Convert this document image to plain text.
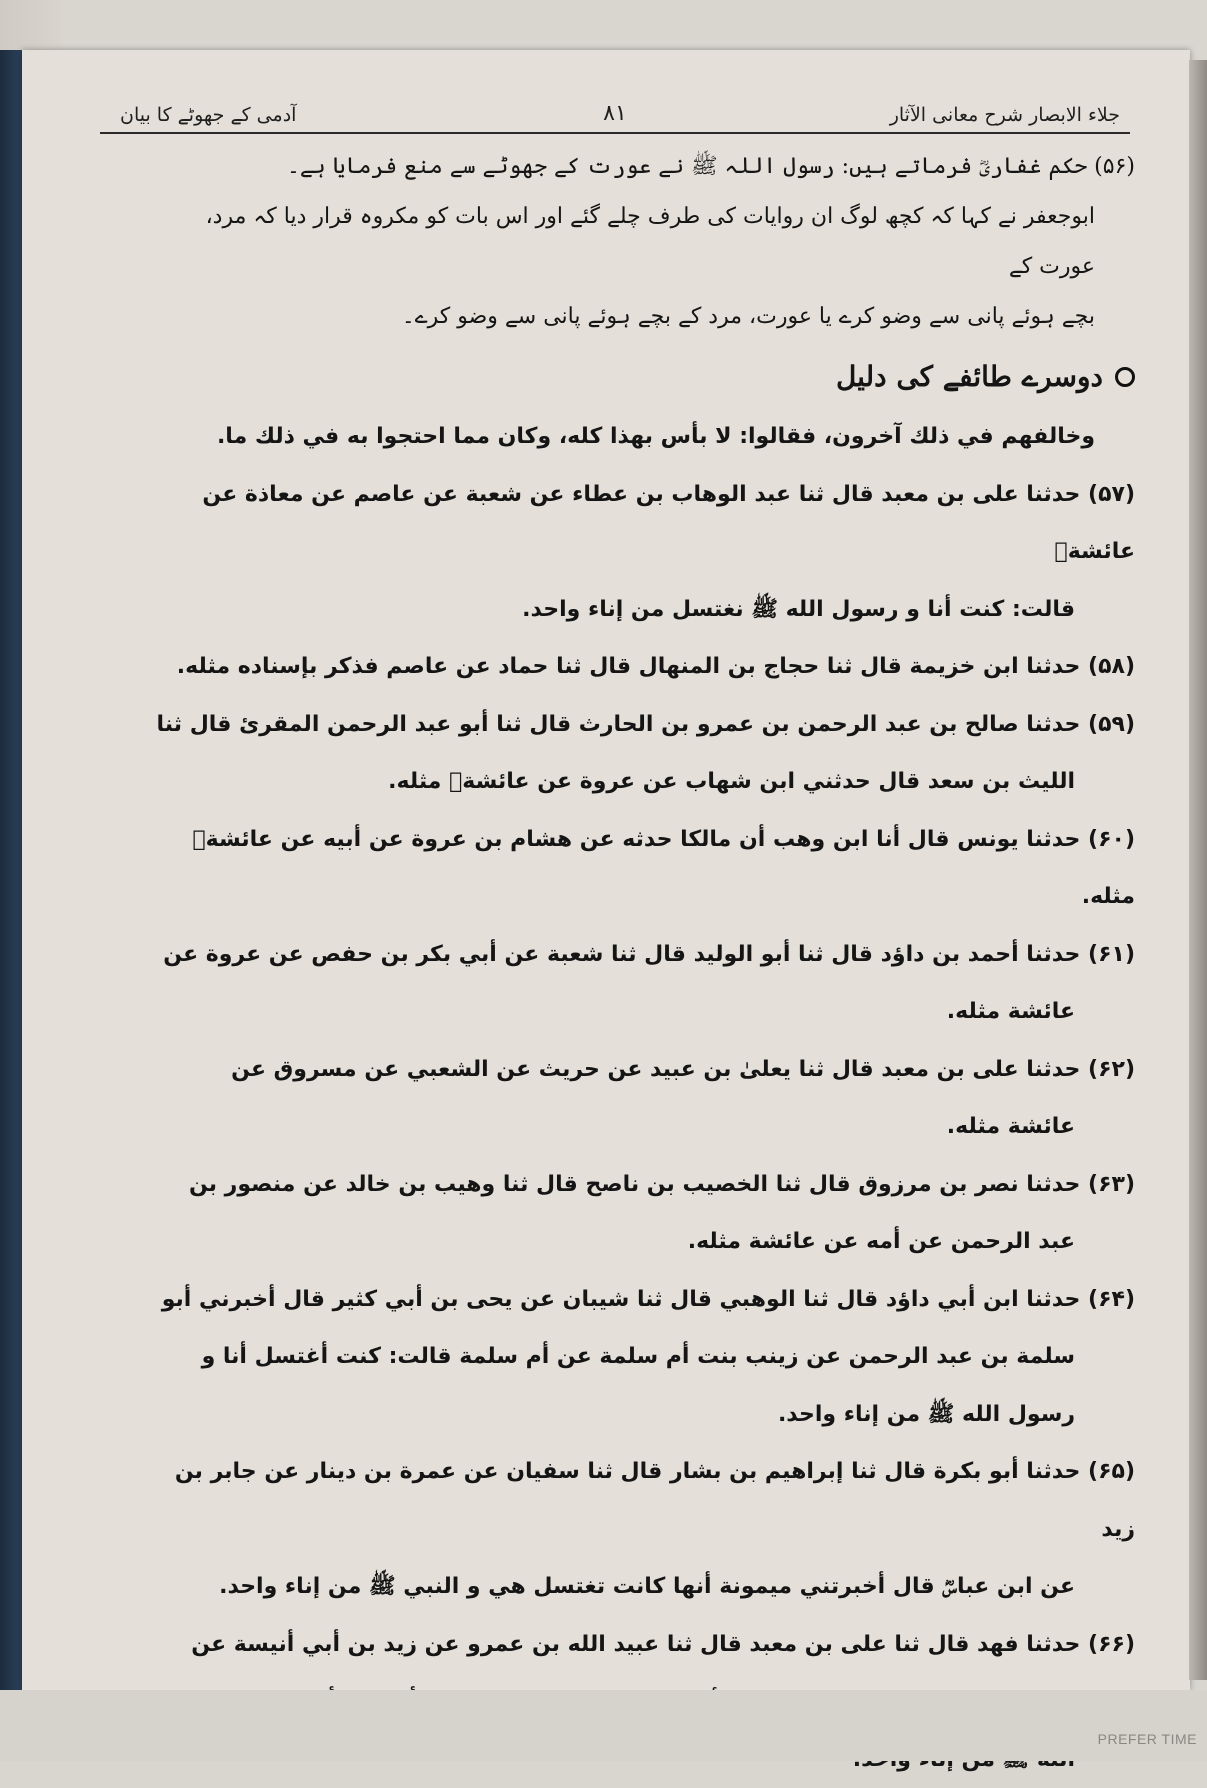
آدمی کے جھوٹے کا بیان	۸۱	جلاء الابصار شرح معانی الآثار

(۵۶) حکم غفاریؓ فرماتے ہیں: رسول اللہ ﷺ نے عورت کے جھوٹے سے منع فرمایا ہے۔

ابوجعفر نے کہا کہ کچھ لوگ ان روایات کی طرف چلے گئے اور اس بات کو مکروہ قرار دیا کہ مرد، عورت کے

بچے ہوئے پانی سے وضو کرے یا عورت، مرد کے بچے ہوئے پانی سے وضو کرے۔

دوسرے طائفے کی دلیل

وخالفهم في ذلك آخرون، فقالوا: لا بأس بهذا كله، وكان مما احتجوا به في ذلك ما.

(۵۷) حدثنا على بن معبد قال ثنا عبد الوهاب بن عطاء عن شعبة عن عاصم عن معاذة عن عائشةؓ

قالت: كنت أنا و رسول الله ﷺ نغتسل من إناء واحد.

(۵۸) حدثنا ابن خزيمة قال ثنا حجاج بن المنهال قال ثنا حماد عن عاصم فذكر بإسناده مثله.

(۵۹) حدثنا صالح بن عبد الرحمن بن عمرو بن الحارث قال ثنا أبو عبد الرحمن المقرئ قال ثنا

الليث بن سعد قال حدثني ابن شهاب عن عروة عن عائشةؓ مثله.

(۶۰) حدثنا يونس قال أنا ابن وهب أن مالكا حدثه عن هشام بن عروة عن أبيه عن عائشةؓ مثله.

(۶۱) حدثنا أحمد بن داؤد قال ثنا أبو الوليد قال ثنا شعبة عن أبي بكر بن حفص عن عروة عن

عائشة مثله.

(۶۲) حدثنا على بن معبد قال ثنا يعلىٰ بن عبيد عن حريث عن الشعبي عن مسروق عن

عائشة مثله.

(۶۳) حدثنا نصر بن مرزوق قال ثنا الخصيب بن ناصح قال ثنا وهيب بن خالد عن منصور بن

عبد الرحمن عن أمه عن عائشة مثله.

(۶۴) حدثنا ابن أبي داؤد قال ثنا الوهبي قال ثنا شيبان عن يحى بن أبي كثير قال أخبرني أبو

سلمة بن عبد الرحمن عن زينب بنت أم سلمة عن أم سلمة قالت: كنت أغتسل أنا و

رسول الله ﷺ من إناء واحد.

(۶۵) حدثنا أبو بكرة قال ثنا إبراهيم بن بشار قال ثنا سفيان عن عمرة بن دينار عن جابر بن زيد

عن ابن عباسؓ قال أخبرتني ميمونة أنها كانت تغتسل هي و النبي ﷺ من إناء واحد.

(۶۶) حدثنا فهد قال ثنا على بن معبد قال ثنا عبيد الله بن عمرو عن زيد بن أبي أنيسة عن

PREFER TIME
